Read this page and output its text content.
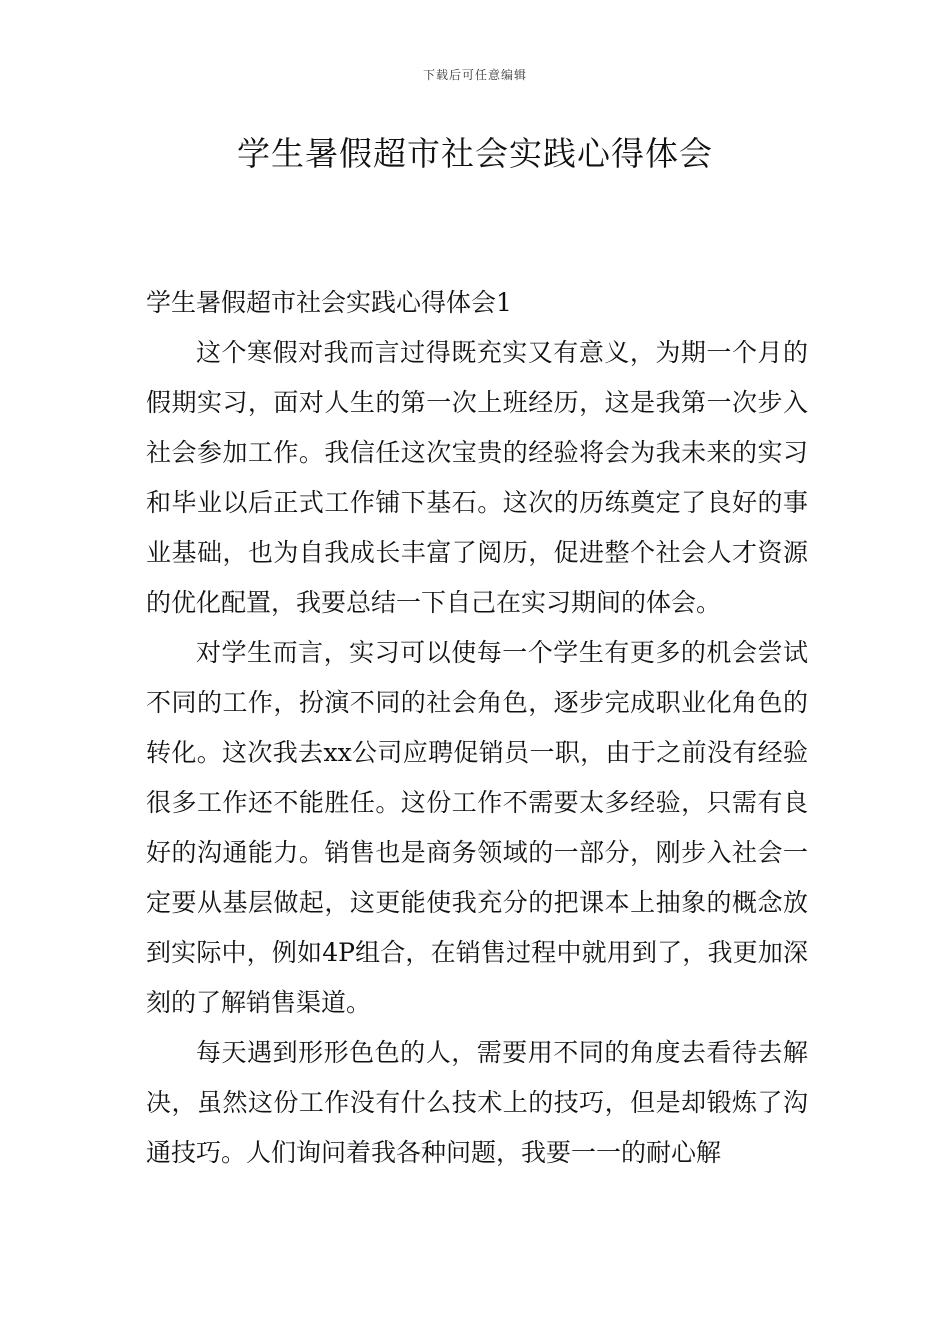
下载后可任意编辑
学生暑假超市社会实践心得体会

学生暑假超市社会实践心得体会1

这个寒假对我而言过得既充实又有意义，为期一个月的假期实习，面对人生的第一次上班经历，这是我第一次步入社会参加工作。我信任这次宝贵的经验将会为我未来的实习和毕业以后正式工作铺下基石。这次的历练奠定了良好的事业基础，也为自我成长丰富了阅历，促进整个社会人才资源的优化配置，我要总结一下自己在实习期间的体会。

对学生而言，实习可以使每一个学生有更多的机会尝试不同的工作，扮演不同的社会角色，逐步完成职业化角色的转化。这次我去xx公司应聘促销员一职，由于之前没有经验很多工作还不能胜任。这份工作不需要太多经验，只需有良好的沟通能力。销售也是商务领域的一部分，刚步入社会一定要从基层做起，这更能使我充分的把课本上抽象的概念放到实际中，例如4P组合，在销售过程中就用到了，我更加深刻的了解销售渠道。

每天遇到形形色色的人，需要用不同的角度去看待去解决，虽然这份工作没有什么技术上的技巧，但是却锻炼了沟通技巧。人们询问着我各种问题，我要一一的耐心解
